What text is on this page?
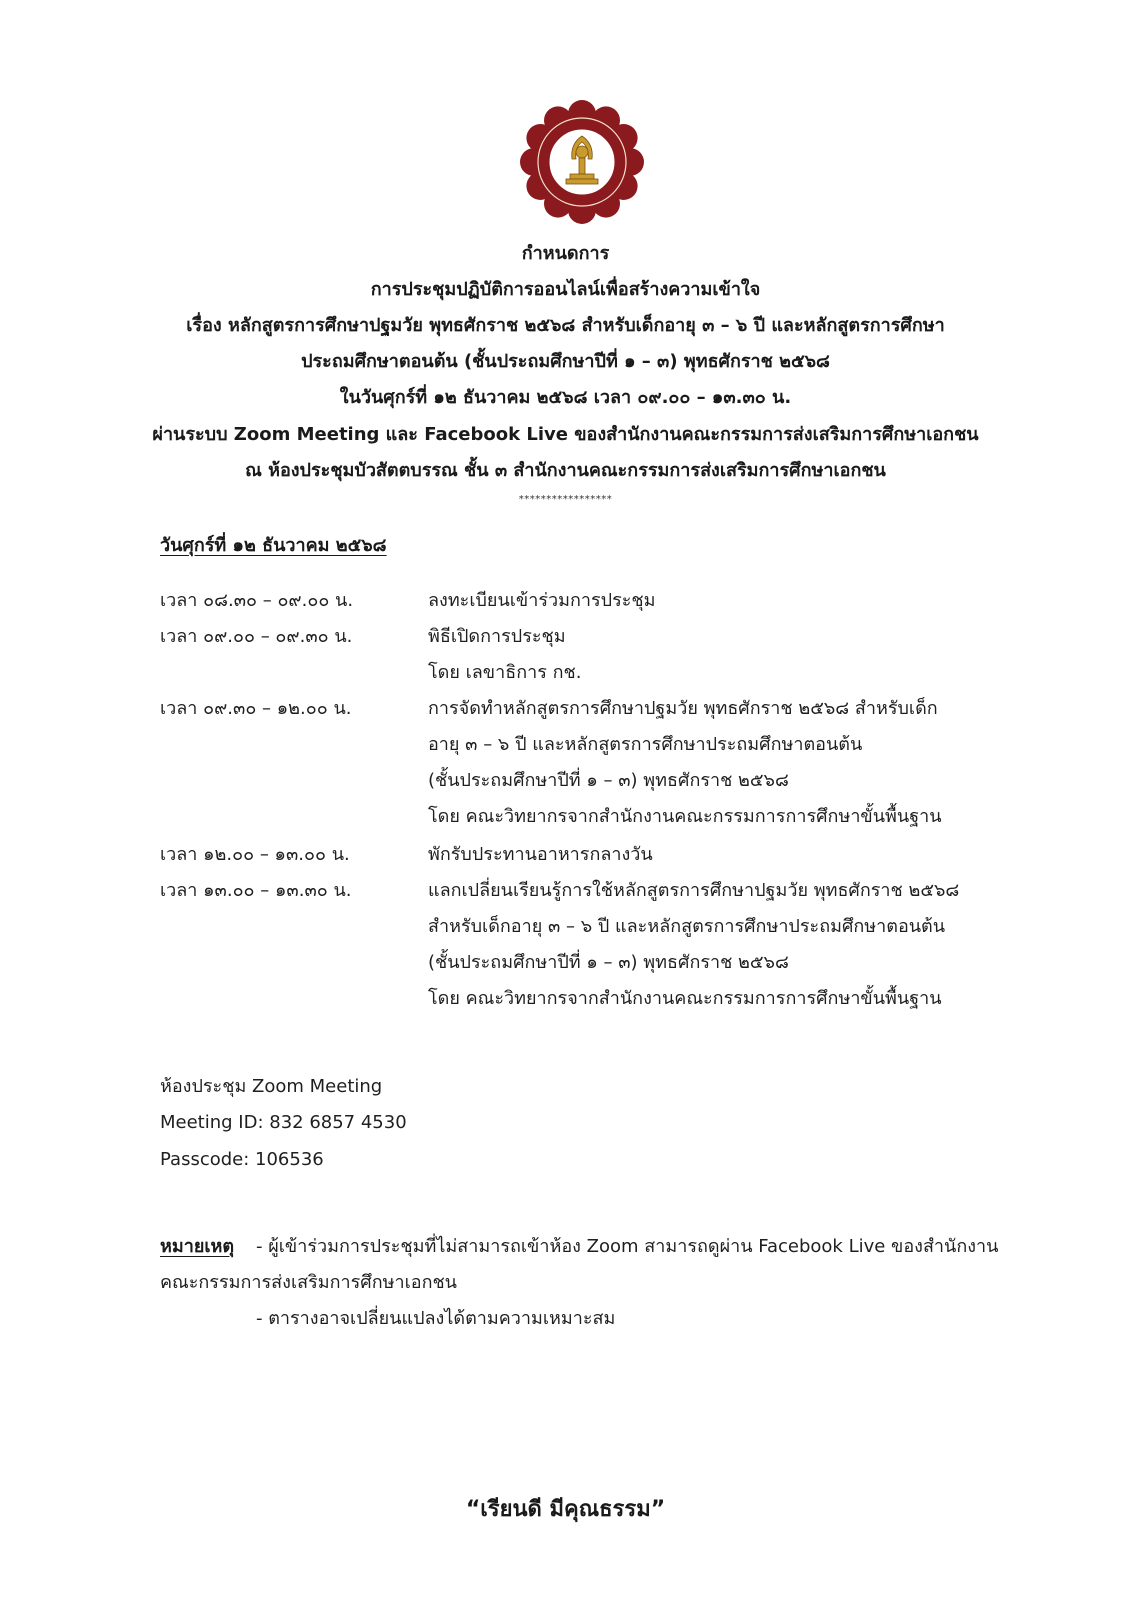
กำหนดการ
การประชุมปฏิบัติการออนไลน์เพื่อสร้างความเข้าใจ
เรื่อง หลักสูตรการศึกษาปฐมวัย พุทธศักราช ๒๕๖๘ สำหรับเด็กอายุ ๓ – ๖ ปี และหลักสูตรการศึกษา
ประถมศึกษาตอนต้น (ชั้นประถมศึกษาปีที่ ๑ – ๓) พุทธศักราช ๒๕๖๘
ในวันศุกร์ที่ ๑๒ ธันวาคม ๒๕๖๘ เวลา ๐๙.๐๐ – ๑๓.๓๐ น.
ผ่านระบบ Zoom Meeting และ Facebook Live ของสำนักงานคณะกรรมการส่งเสริมการศึกษาเอกชน
ณ ห้องประชุมบัวสัตตบรรณ ชั้น ๓ สำนักงานคณะกรรมการส่งเสริมการศึกษาเอกชน
*****************
วันศุกร์ที่ ๑๒ ธันวาคม ๒๕๖๘
เวลา ๐๘.๓๐ – ๐๙.๐๐ น.	ลงทะเบียนเข้าร่วมการประชุม
เวลา ๐๙.๐๐ – ๐๙.๓๐ น.	พิธีเปิดการประชุม
โดย เลขาธิการ กช.
เวลา ๐๙.๓๐ – ๑๒.๐๐ น.	การจัดทำหลักสูตรการศึกษาปฐมวัย พุทธศักราช ๒๕๖๘ สำหรับเด็ก
อายุ ๓ – ๖ ปี และหลักสูตรการศึกษาประถมศึกษาตอนต้น
(ชั้นประถมศึกษาปีที่ ๑ – ๓) พุทธศักราช ๒๕๖๘
โดย คณะวิทยากรจากสำนักงานคณะกรรมการการศึกษาขั้นพื้นฐาน
เวลา ๑๒.๐๐ – ๑๓.๐๐ น.	พักรับประทานอาหารกลางวัน
เวลา ๑๓.๐๐ – ๑๓.๓๐ น.	แลกเปลี่ยนเรียนรู้การใช้หลักสูตรการศึกษาปฐมวัย พุทธศักราช ๒๕๖๘
สำหรับเด็กอายุ ๓ – ๖ ปี และหลักสูตรการศึกษาประถมศึกษาตอนต้น
(ชั้นประถมศึกษาปีที่ ๑ – ๓) พุทธศักราช ๒๕๖๘
โดย คณะวิทยากรจากสำนักงานคณะกรรมการการศึกษาขั้นพื้นฐาน
ห้องประชุม Zoom Meeting
Meeting ID: 832 6857 4530
Passcode: 106536
หมายเหตุ - ผู้เข้าร่วมการประชุมที่ไม่สามารถเข้าห้อง Zoom สามารถดูผ่าน Facebook Live ของสำนักงาน
คณะกรรมการส่งเสริมการศึกษาเอกชน
- ตารางอาจเปลี่ยนแปลงได้ตามความเหมาะสม
“เรียนดี มีคุณธรรม”
